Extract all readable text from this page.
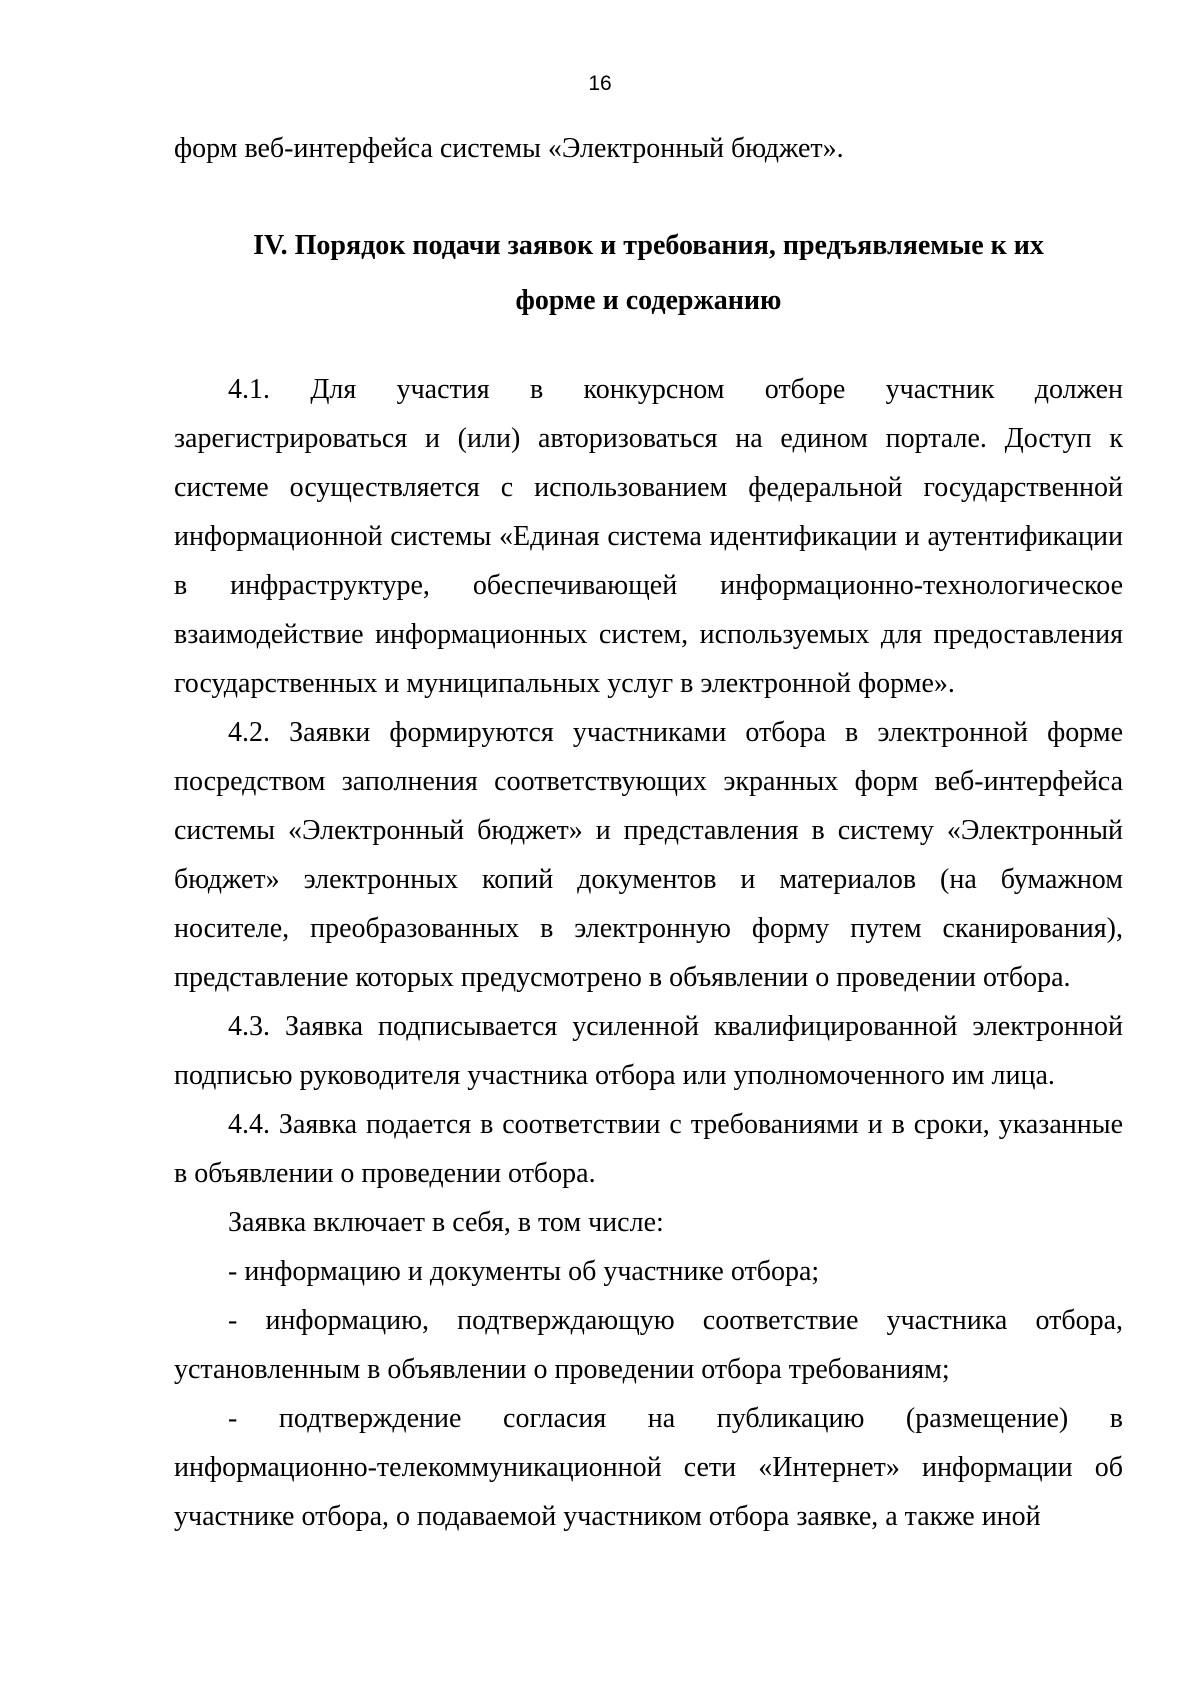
16
форм веб-интерфейса системы «Электронный бюджет».
IV. Порядок подачи заявок и требования, предъявляемые к их
форме и содержанию

4.1. Для участия в конкурсном отборе участник должен зарегистрироваться и (или) авторизоваться на едином портале. Доступ к системе осуществляется с использованием федеральной государственной информационной системы «Единая система идентификации и аутентификации в инфраструктуре, обеспечивающей информационно-технологическое взаимодействие информационных систем, используемых для предоставления государственных и муниципальных услуг в электронной форме».

4.2. Заявки формируются участниками отбора в электронной форме посредством заполнения соответствующих экранных форм веб-интерфейса системы «Электронный бюджет» и представления в систему «Электронный бюджет» электронных копий документов и материалов (на бумажном носителе, преобразованных в электронную форму путем сканирования), представление которых предусмотрено в объявлении о проведении отбора.

4.3. Заявка подписывается усиленной квалифицированной электронной подписью руководителя участника отбора или уполномоченного им лица.

4.4. Заявка подается в соответствии с требованиями и в сроки, указанные в объявлении о проведении отбора.

Заявка включает в себя, в том числе:

- информацию и документы об участнике отбора;

- информацию, подтверждающую соответствие участника отбора, установленным в объявлении о проведении отбора требованиям;

- подтверждение согласия на публикацию (размещение) в информационно-телекоммуникационной сети «Интернет» информации об участнике отбора, о подаваемой участником отбора заявке, а также иной
